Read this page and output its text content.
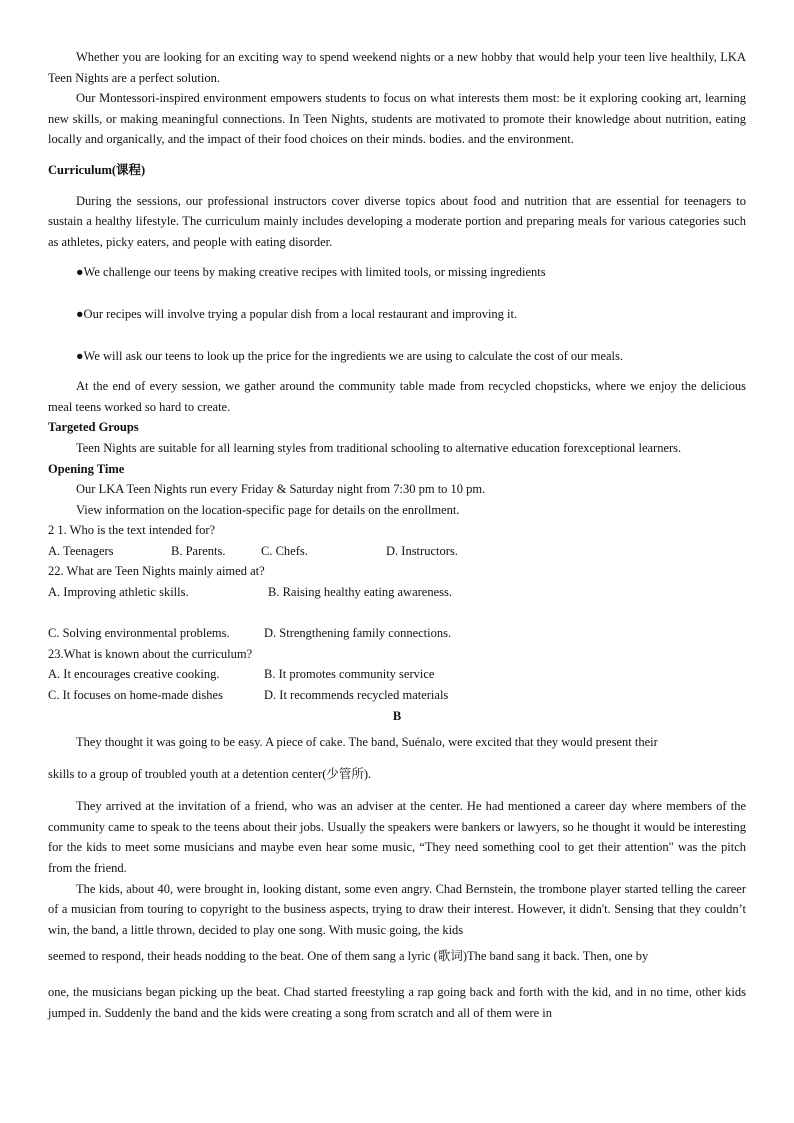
Whether you are looking for an exciting way to spend weekend nights or a new hobby that would help your teen live healthily, LKA Teen Nights are a perfect solution.

Our Montessori-inspired environment empowers students to focus on what interests them most: be it exploring cooking art, learning new skills, or making meaningful connections. In Teen Nights, students are motivated to promote their knowledge about nutrition, eating locally and organically, and the impact of their food choices on their minds. bodies. and the environment.

Curriculum(课程)

During the sessions, our professional instructors cover diverse topics about food and nutrition that are essential for teenagers to sustain a healthy lifestyle. The curriculum mainly includes developing a moderate portion and preparing meals for various categories such as athletes, picky eaters, and people with eating disorder.

●We challenge our teens by making creative recipes with limited tools, or missing ingredients

●Our recipes will involve trying a popular dish from a local restaurant and improving it.

●We will ask our teens to look up the price for the ingredients we are using to calculate the cost of our meals.

At the end of every session, we gather around the community table made from recycled chopsticks, where we enjoy the delicious meal teens worked so hard to create.

Targeted Groups

Teen Nights are suitable for all learning styles from traditional schooling to alternative education forexceptional learners.

Opening Time

Our LKA Teen Nights run every Friday & Saturday night from 7:30 pm to 10 pm.

View information on the location-specific page for details on the enrollment.

2 1. Who is the text intended for?

A. Teenagers	B. Parents.	C. Chefs.	D. Instructors.

22. What are Teen Nights mainly aimed at?

A. Improving athletic skills.	B. Raising healthy eating awareness.
C. Solving environmental problems.	D. Strengthening family connections.

23.What is known about the curriculum?

A. It encourages creative cooking.	B. It promotes community service
C. It focuses on home-made dishes	D. It recommends recycled materials

B

They thought it was going to be easy. A piece of cake. The band, Suénalo, were excited that they would present their

skills to a group of troubled youth at a detention center(少管所).

They arrived at the invitation of a friend, who was an adviser at the center. He had mentioned a career day where members of the community came to speak to the teens about their jobs. Usually the speakers were bankers or lawyers, so he thought it would be interesting for the kids to meet some musicians and maybe even hear some music, “They need something cool to get their attention" was the pitch from the friend.

The kids, about 40, were brought in, looking distant, some even angry. Chad Bernstein, the trombone player started telling the career of a musician from touring to copyright to the business aspects, trying to draw their interest. However, it didn't. Sensing that they couldn’t win, the band, a little thrown, decided to play one song. With music going, the kids

seemed to respond, their heads nodding to the beat. One of them sang a lyric (歌词)The band sang it back. Then, one by

one, the musicians began picking up the beat. Chad started freestyling a rap going back and forth with the kid, and in no time, other kids jumped in. Suddenly the band and the kids were creating a song from scratch and all of them were in
